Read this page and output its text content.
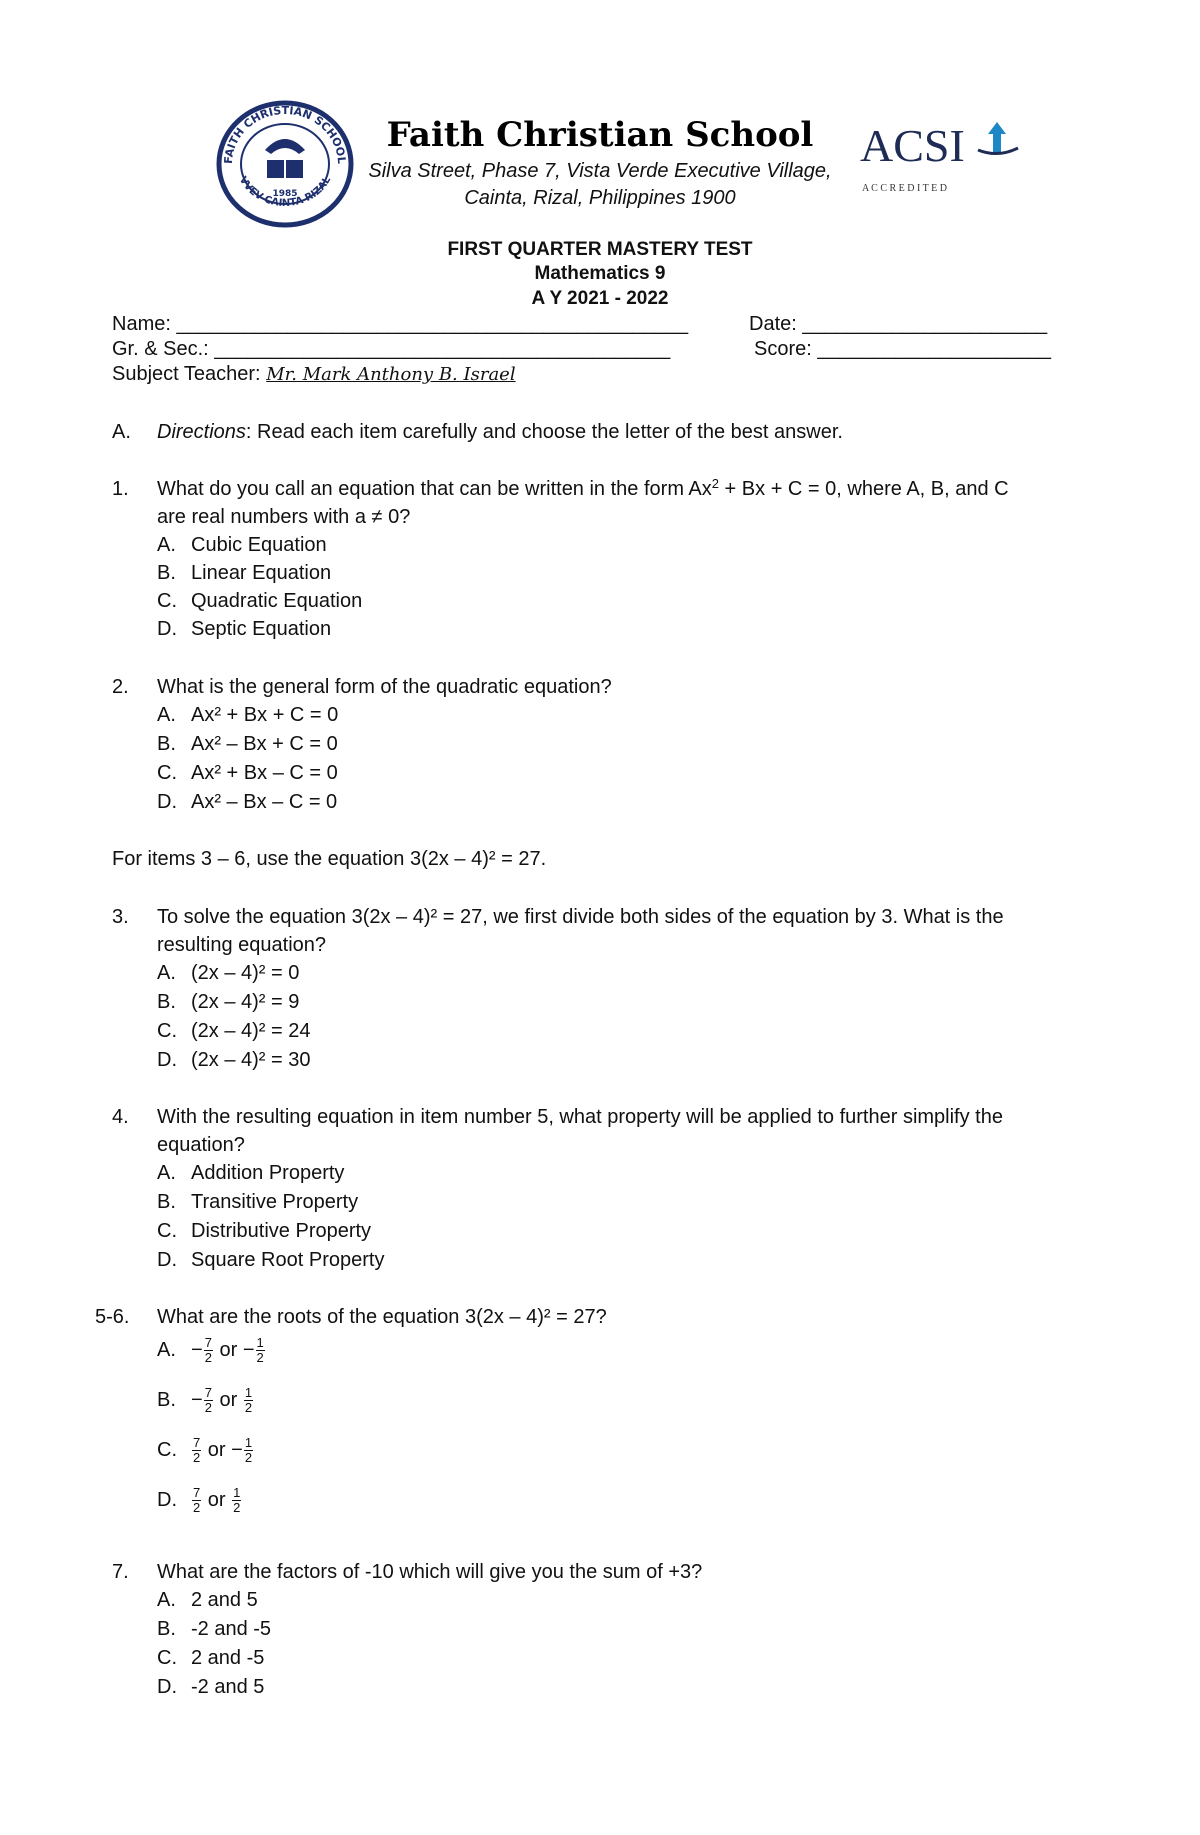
FAITH CHRISTIAN SCHOOL
VVEV CAINTA RIZAL
1985
Faith Christian School
Silva Street, Phase 7, Vista Verde Executive Village,
Cainta, Rizal, Philippines 1900
ACSI
A C C R E D I T E D
FIRST QUARTER MASTERY TEST
Mathematics 9
A Y 2021 - 2022
Name: ______________________________________________	Date: ______________________
Gr. & Sec.: _________________________________________	Score: _____________________
Subject Teacher: Mr. Mark Anthony B. Israel
A.	Directions: Read each item carefully and choose the letter of the best answer.
1.	What do you call an equation that can be written in the form $Ax^2 + Bx + C = 0$, where A, B, and C
are real numbers with a ≠ 0?
A. Cubic Equation
B. Linear Equation
C. Quadratic Equation
D. Septic Equation
2.	What is the general form of the quadratic equation?
A. Ax² + Bx + C = 0
B. Ax² – Bx + C = 0
C. Ax² + Bx – C = 0
D. Ax² – Bx – C = 0
For items 3 – 6, use the equation 3(2x – 4)² = 27.
3.	To solve the equation 3(2x – 4)² = 27, we first divide both sides of the equation by 3. What is the
resulting equation?
A. (2x – 4)² = 0
B. (2x – 4)² = 9
C. (2x – 4)² = 24
D. (2x – 4)² = 30
4.	With the resulting equation in item number 5, what property will be applied to further simplify the
equation?
A. Addition Property
B. Transitive Property
C. Distributive Property
D. Square Root Property
5-6.	What are the roots of the equation 3(2x – 4)² = 27?
A. − $\frac{7}{2}$ or − $\frac{1}{2}$
B. − $\frac{7}{2}$ or $\frac{1}{2}$
C. $\frac{7}{2}$ or − $\frac{1}{2}$
D. $\frac{7}{2}$ or $\frac{1}{2}$
7.	What are the factors of -10 which will give you the sum of +3?
A. 2 and 5
B. -2 and -5
C. 2 and -5
D. -2 and 5
